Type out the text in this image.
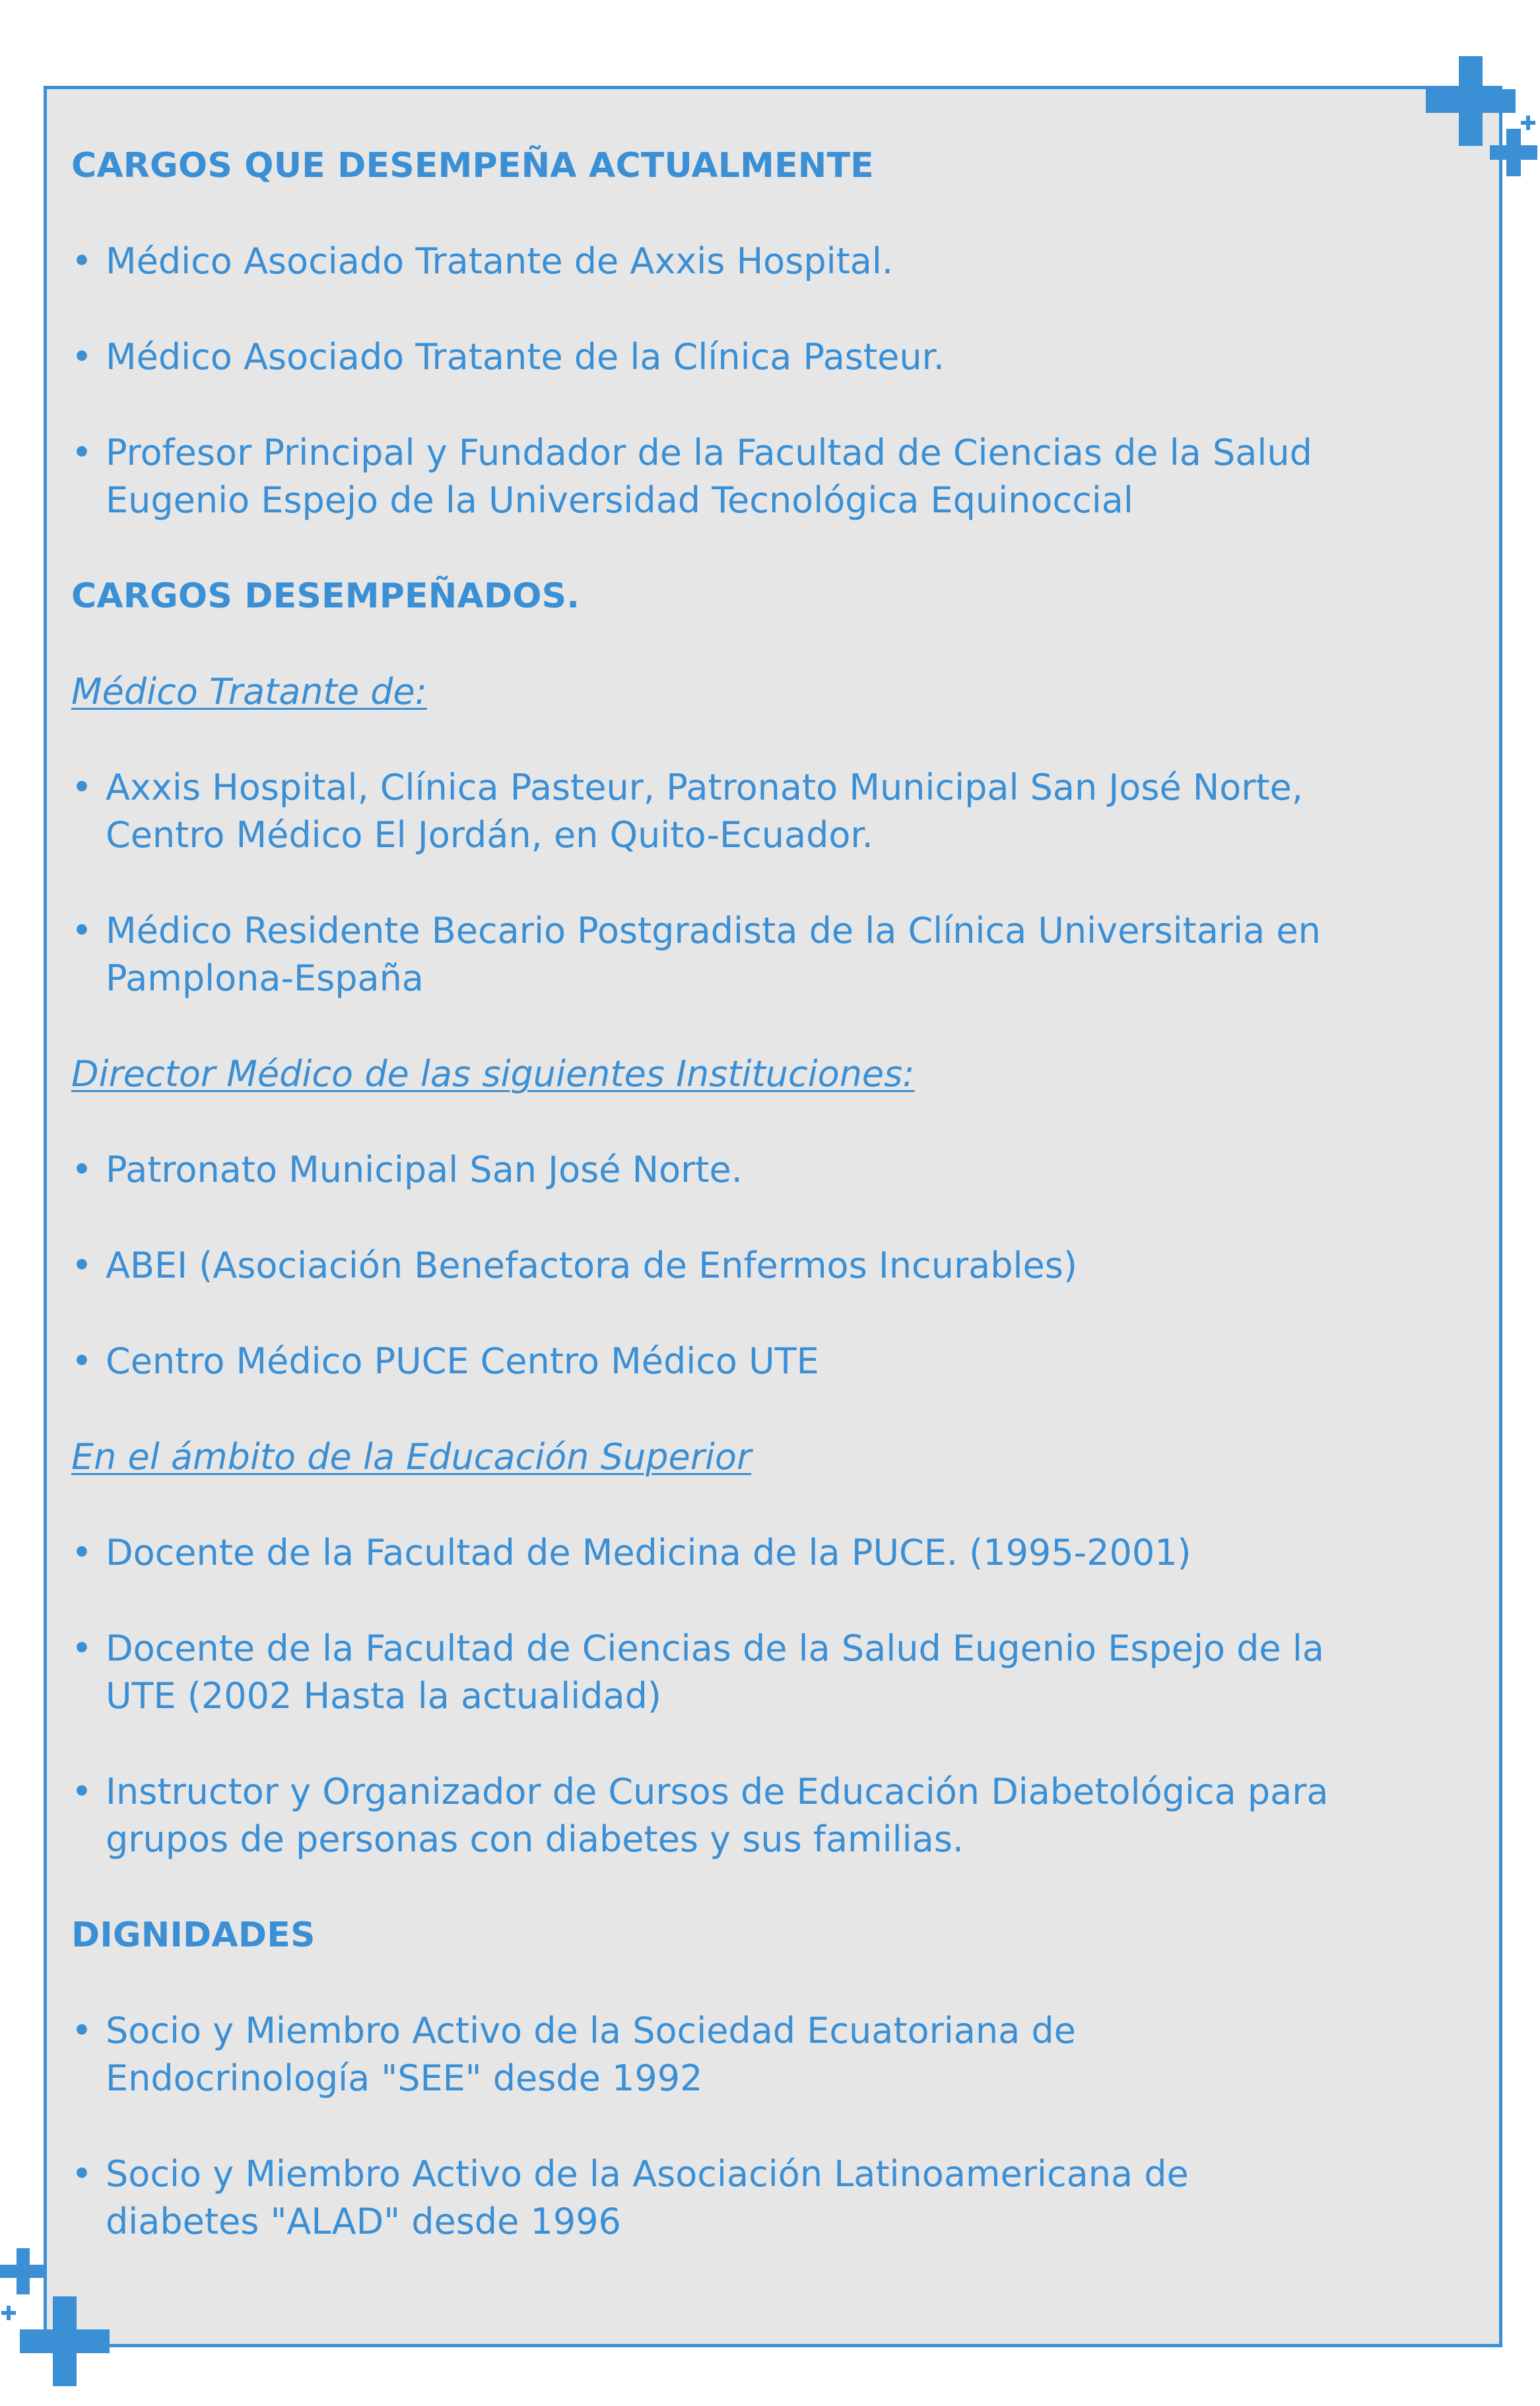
CARGOS QUE DESEMPEÑA ACTUALMENTE
• Médico Asociado Tratante de Axxis Hospital.
• Médico Asociado Tratante de la Clínica Pasteur.
• Profesor Principal y Fundador de la Facultad de Ciencias de la Salud
Eugenio Espejo de la Universidad Tecnológica Equinoccial
CARGOS DESEMPEÑADOS.
Médico Tratante de:
• Axxis Hospital, Clínica Pasteur, Patronato Municipal San José Norte,
Centro Médico El Jordán, en Quito-Ecuador.
• Médico Residente Becario Postgradista de la Clínica Universitaria en
Pamplona-España
Director Médico de las siguientes Instituciones:
• Patronato Municipal San José Norte.
• ABEI (Asociación Benefactora de Enfermos Incurables)
• Centro Médico PUCE Centro Médico UTE
En el ámbito de la Educación Superior
• Docente de la Facultad de Medicina de la PUCE. (1995-2001)
• Docente de la Facultad de Ciencias de la Salud Eugenio Espejo de la
UTE (2002 Hasta la actualidad)
• Instructor y Organizador de Cursos de Educación Diabetológica para
grupos de personas con diabetes y sus familias.
DIGNIDADES
• Socio y Miembro Activo de la Sociedad Ecuatoriana de
Endocrinología "SEE" desde 1992
• Socio y Miembro Activo de la Asociación Latinoamericana de
diabetes "ALAD" desde 1996
